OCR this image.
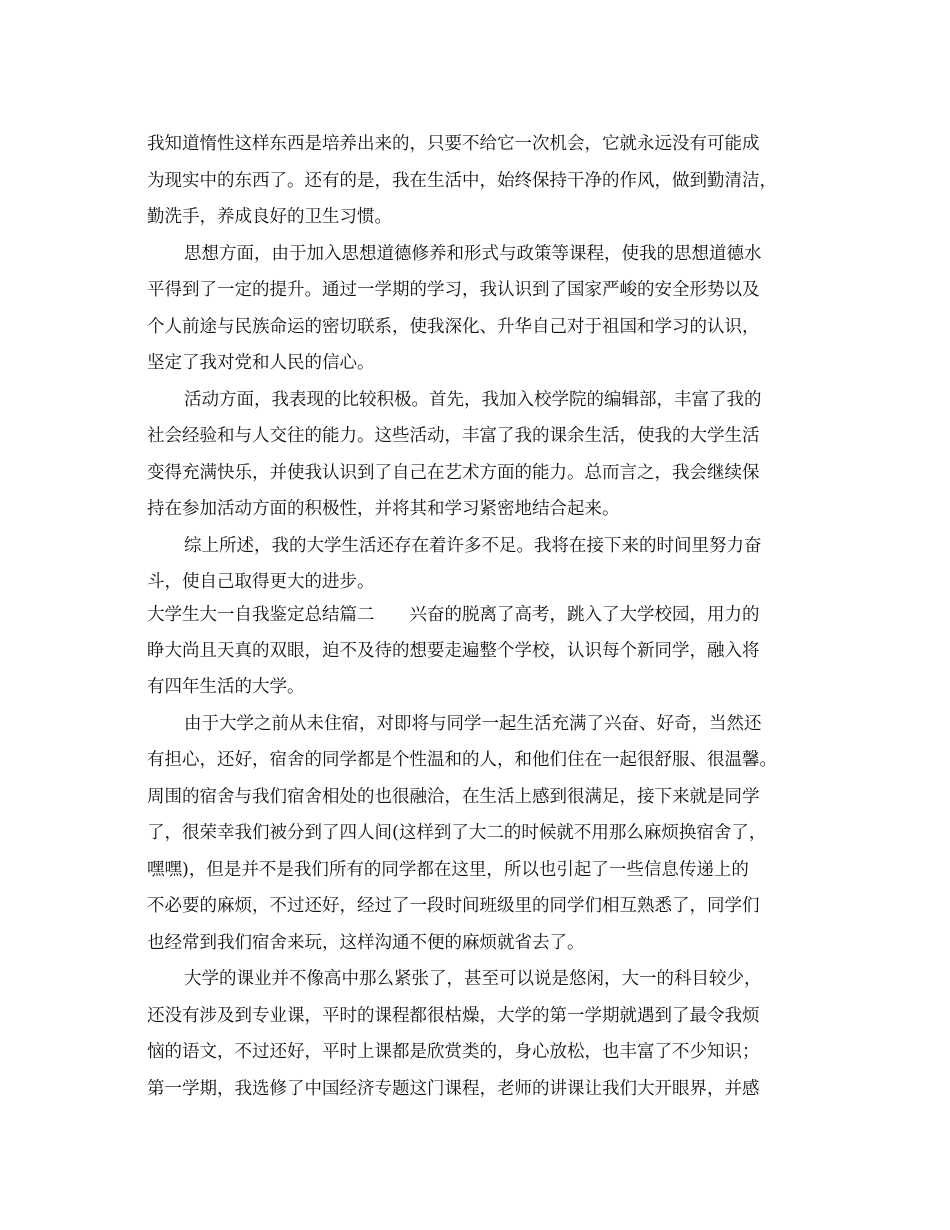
我知道惰性这样东西是培养出来的，只要不给它一次机会，它就永远没有可能成
为现实中的东西了。还有的是，我在生活中，始终保持干净的作风，做到勤清洁，
勤洗手，养成良好的卫生习惯。
思想方面，由于加入思想道德修养和形式与政策等课程，使我的思想道德水
平得到了一定的提升。通过一学期的学习，我认识到了国家严峻的安全形势以及
个人前途与民族命运的密切联系，使我深化、升华自己对于祖国和学习的认识，
坚定了我对党和人民的信心。
活动方面，我表现的比较积极。首先，我加入校学院的编辑部，丰富了我的
社会经验和与人交往的能力。这些活动，丰富了我的课余生活，使我的大学生活
变得充满快乐，并使我认识到了自己在艺术方面的能力。总而言之，我会继续保
持在参加活动方面的积极性，并将其和学习紧密地结合起来。
综上所述，我的大学生活还存在着许多不足。我将在接下来的时间里努力奋
斗，使自己取得更大的进步。
大学生大一自我鉴定总结篇二　　兴奋的脱离了高考，跳入了大学校园，用力的
睁大尚且天真的双眼，迫不及待的想要走遍整个学校，认识每个新同学，融入将
有四年生活的大学。
由于大学之前从未住宿，对即将与同学一起生活充满了兴奋、好奇，当然还
有担心，还好，宿舍的同学都是个性温和的人，和他们住在一起很舒服、很温馨。
周围的宿舍与我们宿舍相处的也很融洽，在生活上感到很满足，接下来就是同学
了，很荣幸我们被分到了四人间(这样到了大二的时候就不用那么麻烦换宿舍了，
嘿嘿)，但是并不是我们所有的同学都在这里，所以也引起了一些信息传递上的
不必要的麻烦，不过还好，经过了一段时间班级里的同学们相互熟悉了，同学们
也经常到我们宿舍来玩，这样沟通不便的麻烦就省去了。
大学的课业并不像高中那么紧张了，甚至可以说是悠闲，大一的科目较少，
还没有涉及到专业课，平时的课程都很枯燥，大学的第一学期就遇到了最令我烦
恼的语文，不过还好，平时上课都是欣赏类的，身心放松，也丰富了不少知识；
第一学期，我选修了中国经济专题这门课程，老师的讲课让我们大开眼界，并感
